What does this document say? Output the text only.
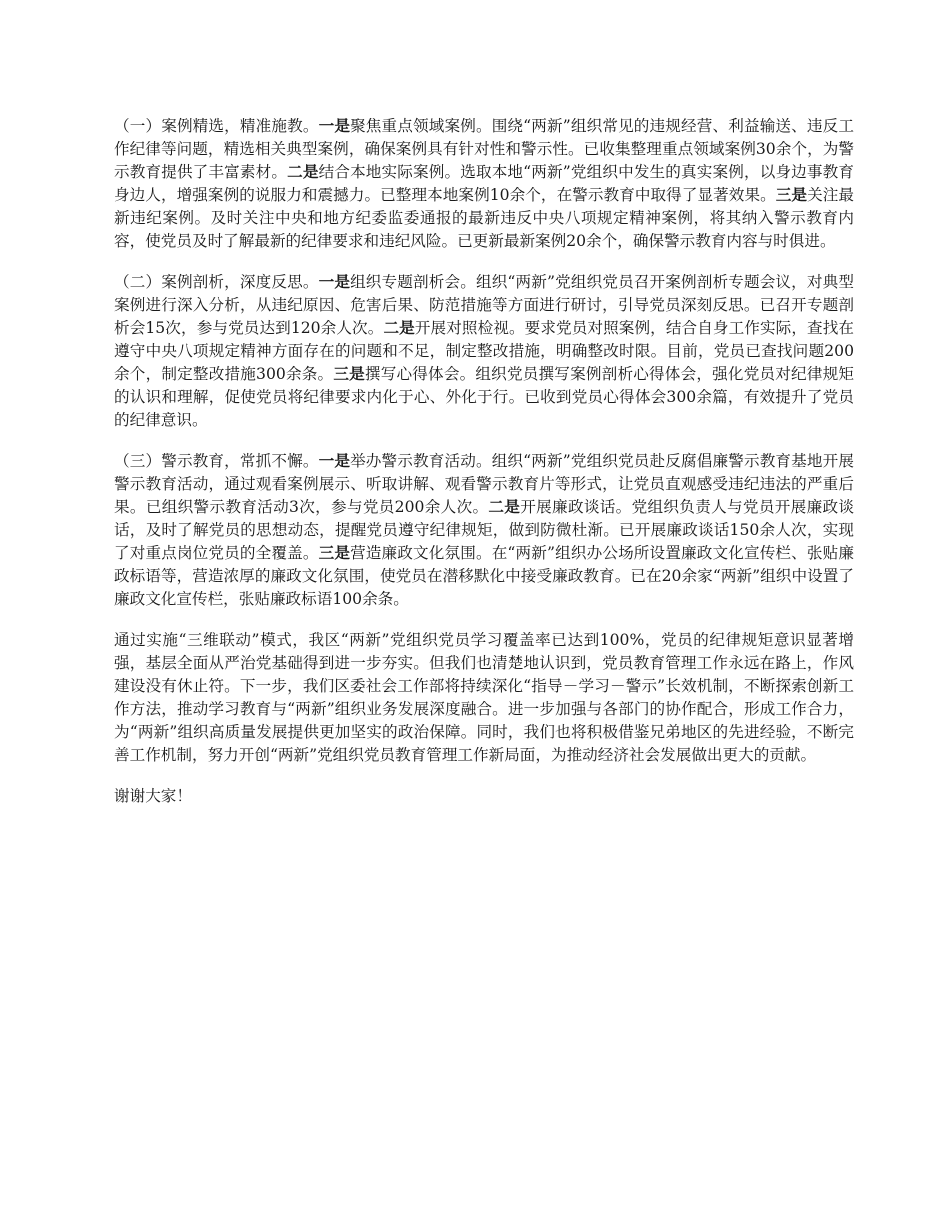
（一）案例精选，精准施教。一是聚焦重点领域案例。围绕“两新”组织常见的违规经营、利益输送、违反工作纪律等问题，精选相关典型案例，确保案例具有针对性和警示性。已收集整理重点领域案例30余个，为警示教育提供了丰富素材。二是结合本地实际案例。选取本地“两新”党组织中发生的真实案例，以身边事教育身边人，增强案例的说服力和震撼力。已整理本地案例10余个，在警示教育中取得了显著效果。三是关注最新违纪案例。及时关注中央和地方纪委监委通报的最新违反中央八项规定精神案例，将其纳入警示教育内容，使党员及时了解最新的纪律要求和违纪风险。已更新最新案例20余个，确保警示教育内容与时俱进。

（二）案例剖析，深度反思。一是组织专题剖析会。组织“两新”党组织党员召开案例剖析专题会议，对典型案例进行深入分析，从违纪原因、危害后果、防范措施等方面进行研讨，引导党员深刻反思。已召开专题剖析会15次，参与党员达到120余人次。二是开展对照检视。要求党员对照案例，结合自身工作实际，查找在遵守中央八项规定精神方面存在的问题和不足，制定整改措施，明确整改时限。目前，党员已查找问题200余个，制定整改措施300余条。三是撰写心得体会。组织党员撰写案例剖析心得体会，强化党员对纪律规矩的认识和理解，促使党员将纪律要求内化于心、外化于行。已收到党员心得体会300余篇，有效提升了党员的纪律意识。

（三）警示教育，常抓不懈。一是举办警示教育活动。组织“两新”党组织党员赴反腐倡廉警示教育基地开展警示教育活动，通过观看案例展示、听取讲解、观看警示教育片等形式，让党员直观感受违纪违法的严重后果。已组织警示教育活动3次，参与党员200余人次。二是开展廉政谈话。党组织负责人与党员开展廉政谈话，及时了解党员的思想动态，提醒党员遵守纪律规矩，做到防微杜渐。已开展廉政谈话150余人次，实现了对重点岗位党员的全覆盖。三是营造廉政文化氛围。在“两新”组织办公场所设置廉政文化宣传栏、张贴廉政标语等，营造浓厚的廉政文化氛围，使党员在潜移默化中接受廉政教育。已在20余家“两新”组织中设置了廉政文化宣传栏，张贴廉政标语100余条。

通过实施“三维联动”模式，我区“两新”党组织党员学习覆盖率已达到100%，党员的纪律规矩意识显著增强，基层全面从严治党基础得到进一步夯实。但我们也清楚地认识到，党员教育管理工作永远在路上，作风建设没有休止符。下一步，我们区委社会工作部将持续深化“指导－学习－警示”长效机制，不断探索创新工作方法，推动学习教育与“两新”组织业务发展深度融合。进一步加强与各部门的协作配合，形成工作合力，为“两新”组织高质量发展提供更加坚实的政治保障。同时，我们也将积极借鉴兄弟地区的先进经验，不断完善工作机制，努力开创“两新”党组织党员教育管理工作新局面，为推动经济社会发展做出更大的贡献。

谢谢大家！
